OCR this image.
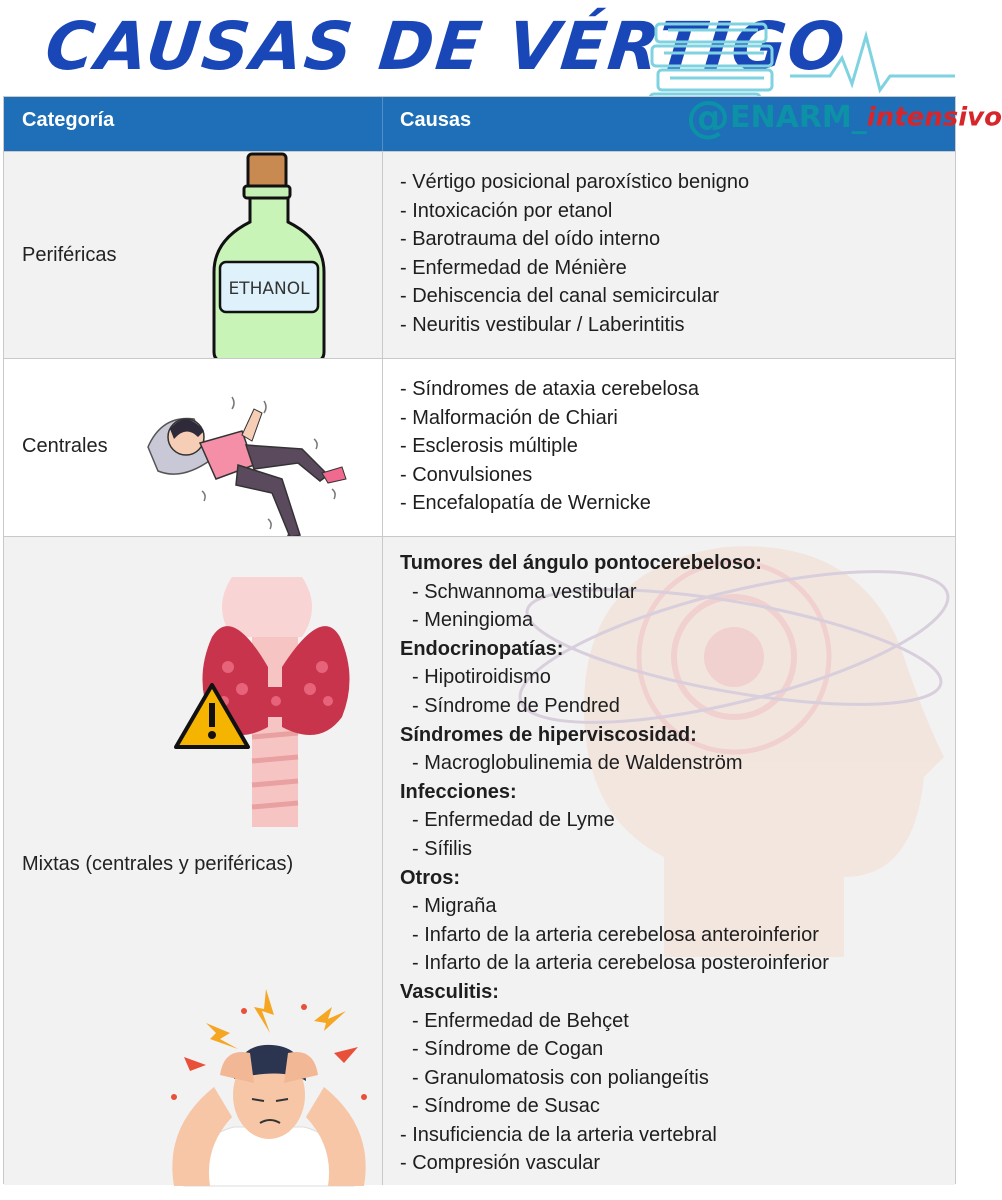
CAUSAS DE VÉRTIGO
@ENARM_intensivo
Categoría	Causas
Periféricas
ETHANOL
- Vértigo posicional paroxístico benigno
- Intoxicación por etanol
- Barotrauma del oído interno
- Enfermedad de Ménière
- Dehiscencia del canal semicircular
- Neuritis vestibular / Laberintitis
Centrales
- Síndromes de ataxia cerebelosa
- Malformación de Chiari
- Esclerosis múltiple
- Convulsiones
- Encefalopatía de Wernicke
Mixtas (centrales y periféricas)
Tumores del ángulo pontocerebeloso:
- Schwannoma vestibular
- Meningioma
Endocrinopatías:
- Hipotiroidismo
- Síndrome de Pendred
Síndromes de hiperviscosidad:
- Macroglobulinemia de Waldenström
Infecciones:
- Enfermedad de Lyme
- Sífilis
Otros:
- Migraña
- Infarto de la arteria cerebelosa anteroinferior
- Infarto de la arteria cerebelosa posteroinferior
Vasculitis:
- Enfermedad de Behçet
- Síndrome de Cogan
- Granulomatosis con poliangeítis
- Síndrome de Susac
- Insuficiencia de la arteria vertebral
- Compresión vascular
